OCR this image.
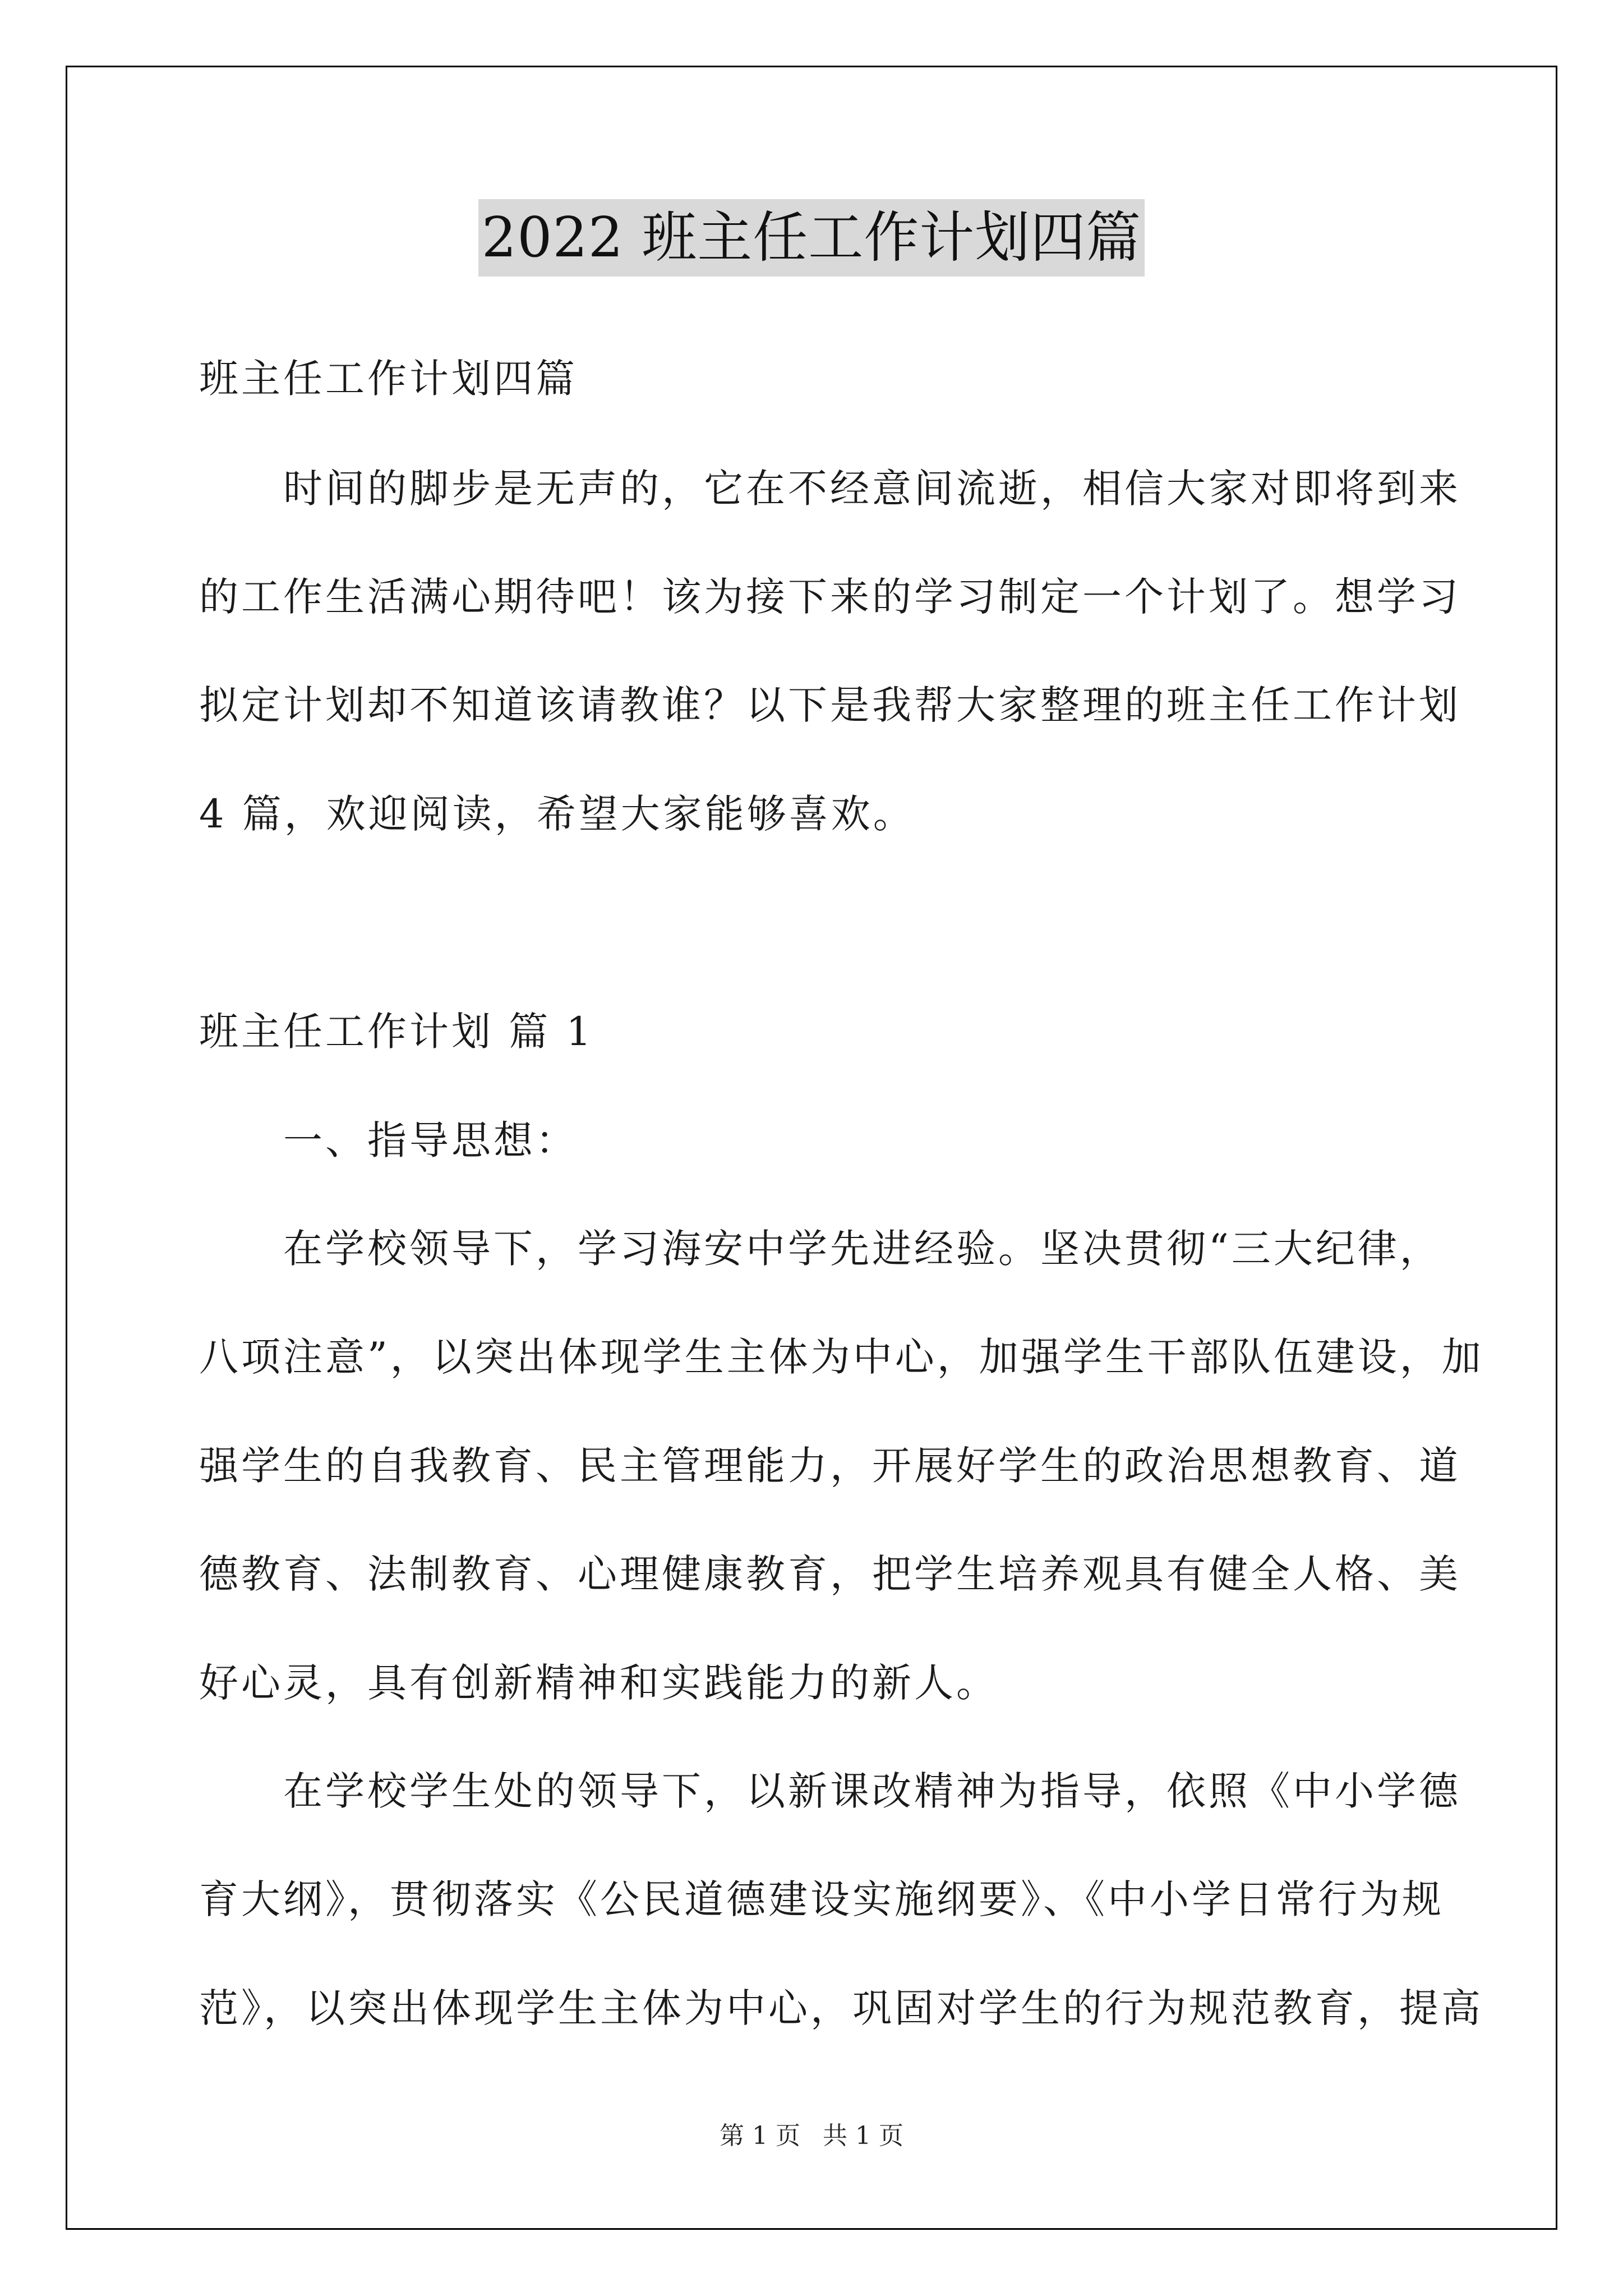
2022 班主任工作计划四篇
班主任工作计划四篇
时间的脚步是无声的，它在不经意间流逝，相信大家对即将到来
的工作生活满心期待吧！该为接下来的学习制定一个计划了。想学习
拟定计划却不知道该请教谁？以下是我帮大家整理的班主任工作计划
4 篇，欢迎阅读，希望大家能够喜欢。
班主任工作计划 篇 1
一、指导思想：
在学校领导下，学习海安中学先进经验。坚决贯彻“三大纪律，
八项注意”，以突出体现学生主体为中心，加强学生干部队伍建设，加
强学生的自我教育、民主管理能力，开展好学生的政治思想教育、道
德教育、法制教育、心理健康教育，把学生培养观具有健全人格、美
好心灵，具有创新精神和实践能力的新人。
在学校学生处的领导下，以新课改精神为指导，依照《中小学德
育大纲》，贯彻落实《公民道德建设实施纲要》、《中小学日常行为规
范》，以突出体现学生主体为中心，巩固对学生的行为规范教育，提高
第 1 页 共 1 页
